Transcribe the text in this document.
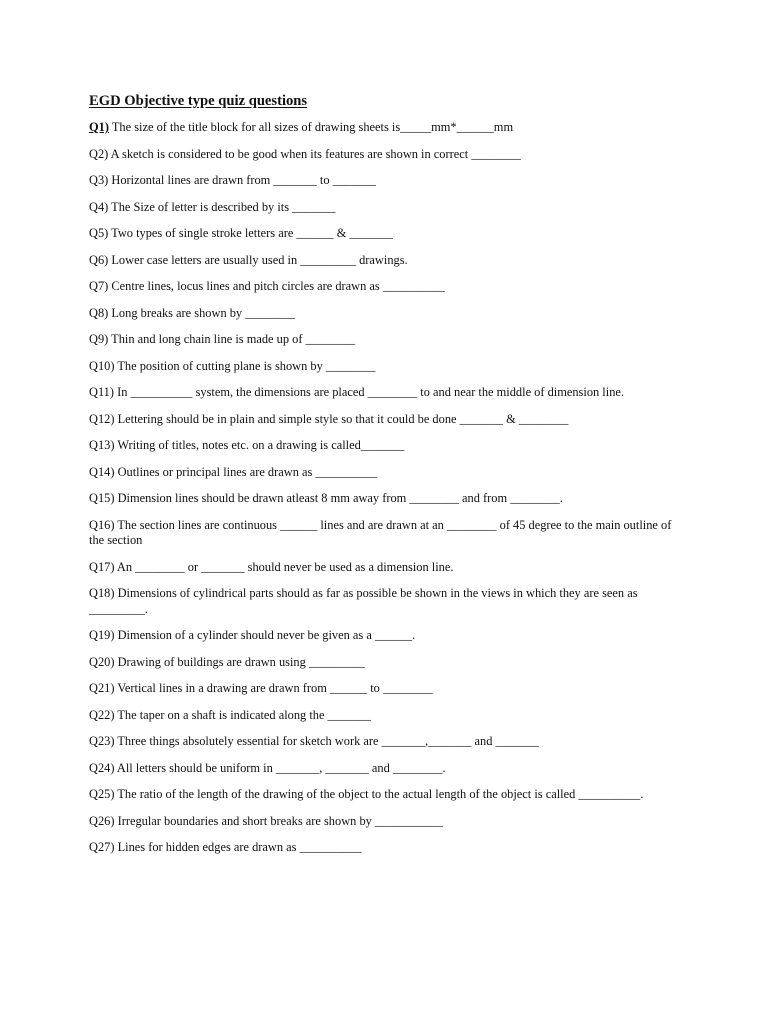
EGD Objective type quiz questions
Q1) The size of the title block for all sizes of drawing sheets is_____mm*______mm
Q2) A sketch is considered to be good when its features are shown in correct ________
Q3) Horizontal lines are drawn from _______ to _______
Q4) The Size of letter is described by its _______
Q5) Two types of single stroke letters are ______ & _______
Q6) Lower case letters are usually used in _________ drawings.
Q7) Centre lines, locus lines and pitch circles are drawn as __________
Q8) Long breaks are shown by ________
Q9) Thin and long chain line is made up of ________
Q10) The position of cutting plane is shown by ________
Q11) In __________ system, the dimensions are placed ________ to and near the middle of dimension line.
Q12) Lettering should be in plain and simple style so that it could be done _______ & ________
Q13) Writing of titles, notes etc. on a drawing is called_______
Q14) Outlines or principal lines are drawn as __________
Q15) Dimension lines should be drawn atleast 8 mm away from ________ and from ________.
Q16) The section lines are continuous ______ lines and are drawn at an ________ of 45 degree to the main outline of the section
Q17) An ________ or _______ should never be used as a dimension line.
Q18) Dimensions of cylindrical parts should as far as possible be shown in the views in which they are seen as _________.
Q19) Dimension of a cylinder should never be given as a ______.
Q20) Drawing of buildings are drawn using _________
Q21) Vertical lines in a drawing are drawn from ______ to ________
Q22) The taper on a shaft is indicated along the _______
Q23) Three things absolutely essential for sketch work are _______,_______ and _______
Q24) All letters should be uniform in _______, _______ and ________.
Q25) The ratio of the length of the drawing of the object to the actual length of the object is called __________.
Q26) Irregular boundaries and short breaks are shown by ___________
Q27) Lines for hidden edges are drawn as __________
